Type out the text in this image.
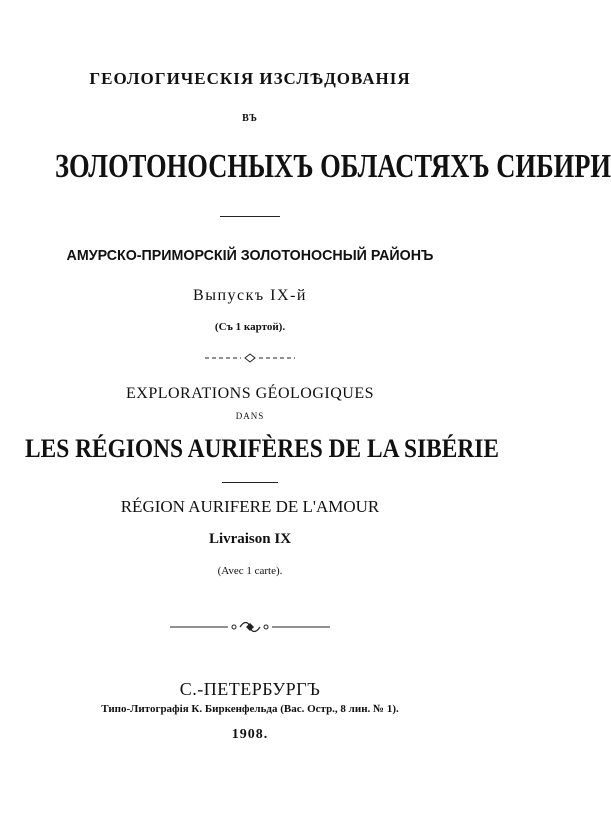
ГЕОЛОГИЧЕСКІЯ ИЗСЛѢДОВАНІЯ
ВЪ
ЗОЛОТОНОСНЫХЪ ОБЛАСТЯХЪ СИБИРИ
АМУРСКО-ПРИМОРСКІЙ ЗОЛОТОНОСНЫЙ РАЙОНЪ
Выпускъ IX-й
(Съ 1 картой).
EXPLORATIONS GÉOLOGIQUES
DANS
LES RÉGIONS AURIFÈRES DE LA SIBÉRIE
RÉGION AURIFERE DE L'AMOUR
Livraison IX
(Avec 1 carte).
С.-ПЕТЕРБУРГЪ
Типо-Литографія К. Биркенфельда (Вас. Остр., 8 лин. № 1).
1908.
